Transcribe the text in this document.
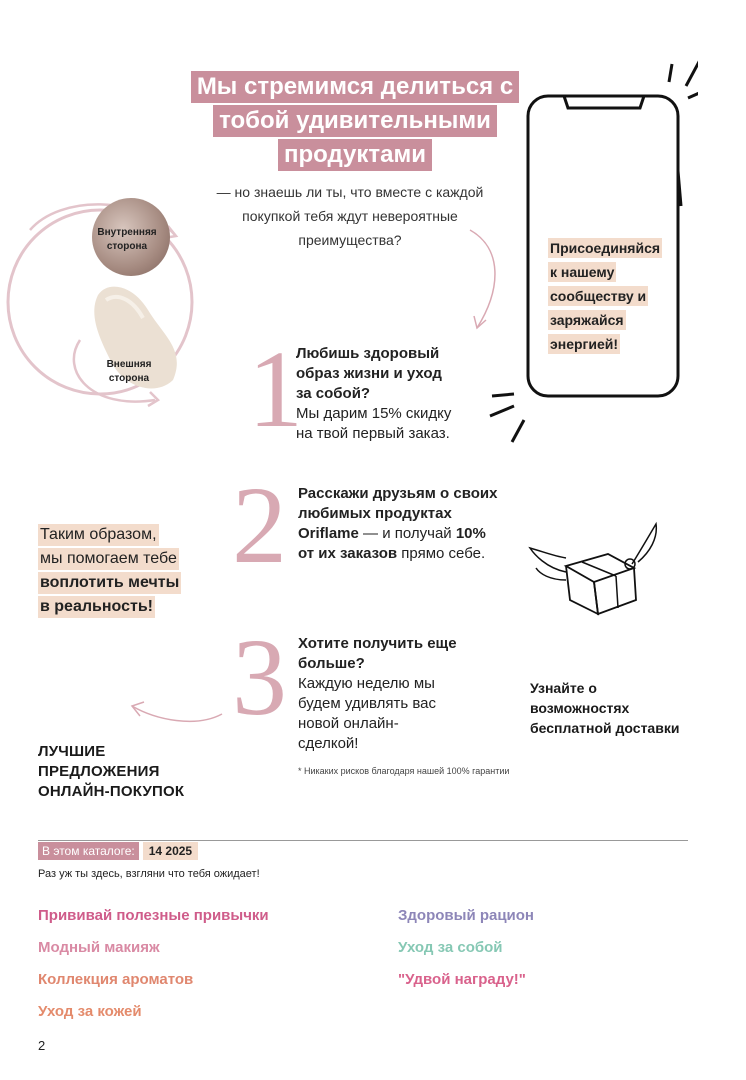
Мы стремимся делиться с
тобой удивительными
продуктами
— но знаешь ли ты, что вместе с каждой
покупкой тебя ждут невероятные
преимущества?
Внутренняя
сторона
Внешняя
сторона
Присоединяйся
к нашему
сообществу и
заряжайся
энергией!
1
Любишь здоровый
образ жизни и уход
за собой?
Мы дарим 15% скидку
на твой первый заказ.
2 Расскажи друзьям о своих
любимых продуктах
Oriflame — и получай 10%
от их заказов прямо себе.
3 Хотите получить еще
больше?
Каждую неделю мы
будем удивлять вас
новой онлайн-
сделкой!
* Никаких рисков благодаря нашей 100% гарантии
Таким образом,
мы помогаем тебе
воплотить мечты
в реальность!
ЛУЧШИЕ
ПРЕДЛОЖЕНИЯ
ОНЛАЙН-ПОКУПОК
Узнайте о
возможностях
бесплатной доставки
В этом каталоге:	14 2025
Раз уж ты здесь, взгляни что тебя ожидает!
Прививай полезные привычки
Модный макияж
Коллекция ароматов
Уход за кожей
Здоровый рацион
Уход за собой
"Удвой награду!"
2
